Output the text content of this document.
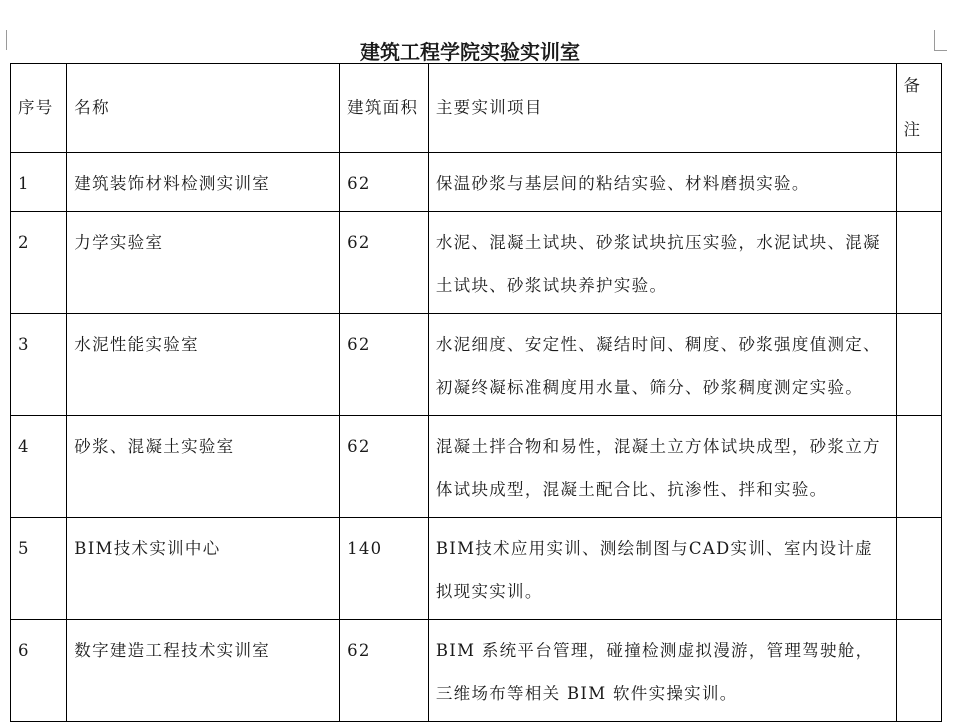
建筑工程学院实验实训室
序号	名称	建筑面积	主要实训项目	备注
1	建筑装饰材料检测实训室	62	保温砂浆与基层间的粘结实验、材料磨损实验。	
2	力学实验室	62	水泥、混凝土试块、砂浆试块抗压实验，水泥试块、混凝土试块、砂浆试块养护实验。	
3	水泥性能实验室	62	水泥细度、安定性、凝结时间、稠度、砂浆强度值测定、初凝终凝标准稠度用水量、筛分、砂浆稠度测定实验。	
4	砂浆、混凝土实验室	62	混凝土拌合物和易性，混凝土立方体试块成型，砂浆立方体试块成型，混凝土配合比、抗渗性、拌和实验。	
5	BIM技术实训中心	140	BIM技术应用实训、测绘制图与CAD实训、室内设计虚拟现实实训。	
6	数字建造工程技术实训室	62	BIM 系统平台管理，碰撞检测虚拟漫游，管理驾驶舱，三维场布等相关 BIM 软件实操实训。	
